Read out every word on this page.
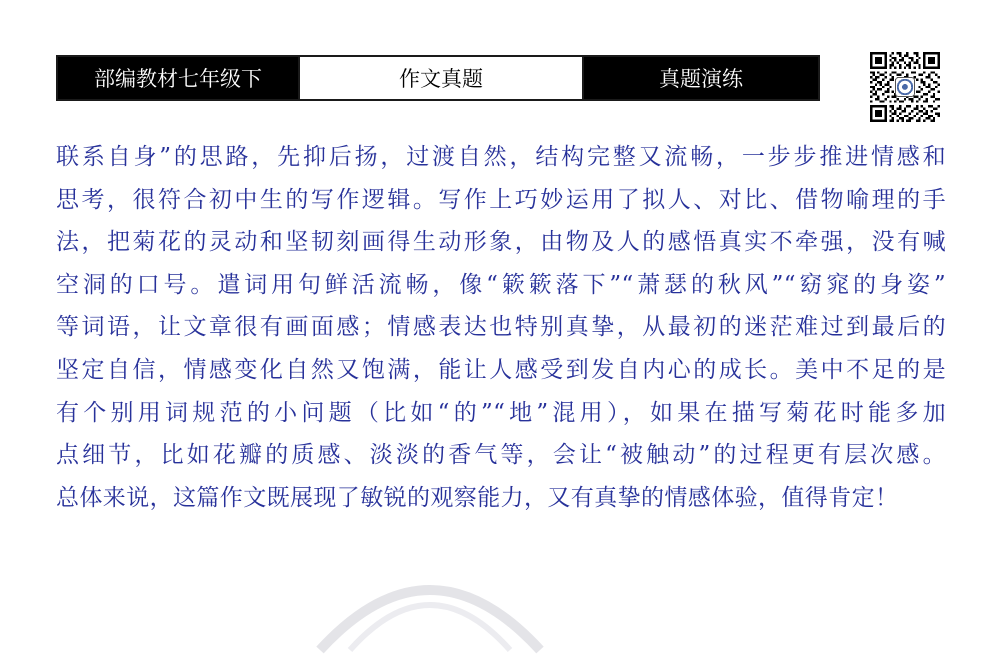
部编教材七年级下	作文真题	真题演练
联系自身”的思路，先抑后扬，过渡自然，结构完整又流畅，一步步推进情感和
思考，很符合初中生的写作逻辑。写作上巧妙运用了拟人、对比、借物喻理的手
法，把菊花的灵动和坚韧刻画得生动形象，由物及人的感悟真实不牵强，没有喊
空洞的口号。遣词用句鲜活流畅，像“簌簌落下”“萧瑟的秋风”“窈窕的身姿”
等词语，让文章很有画面感；情感表达也特别真挚，从最初的迷茫难过到最后的
坚定自信，情感变化自然又饱满，能让人感受到发自内心的成长。美中不足的是
有个别用词规范的小问题（比如“的”“地”混用），如果在描写菊花时能多加
点细节，比如花瓣的质感、淡淡的香气等，会让“被触动”的过程更有层次感。
总体来说，这篇作文既展现了敏锐的观察能力，又有真挚的情感体验，值得肯定！
